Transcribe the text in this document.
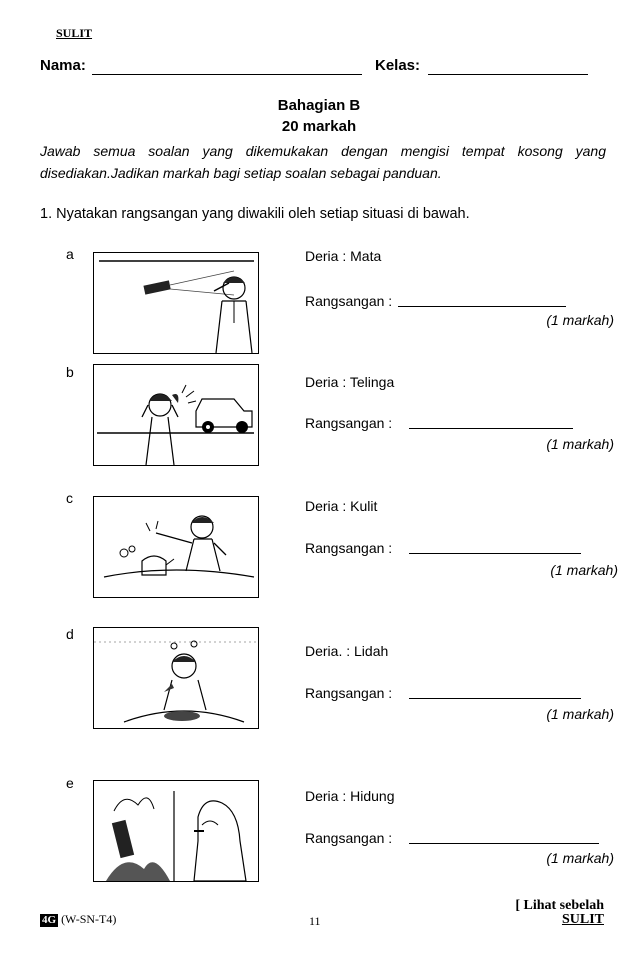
SULIT
Nama:	Kelas:
Bahagian B
20 markah
Jawab semua soalan yang dikemukakan dengan mengisi tempat kosong yang disediakan.Jadikan markah bagi setiap soalan sebagai panduan.
1. Nyatakan rangsangan yang diwakili oleh setiap situasi di bawah.
a	Deria : Mata
Rangsangan :
(1 markah)
b
Deria : Telinga
Rangsangan :
(1 markah)
c	Deria : Kulit
Rangsangan :
(1 markah)
d
Deria. : Lidah
Rangsangan :
(1 markah)
e
Deria : Hidung
Rangsangan :
(1 markah)
4G (W-SN-T4)	11
[ Lihat sebelah
SULIT
